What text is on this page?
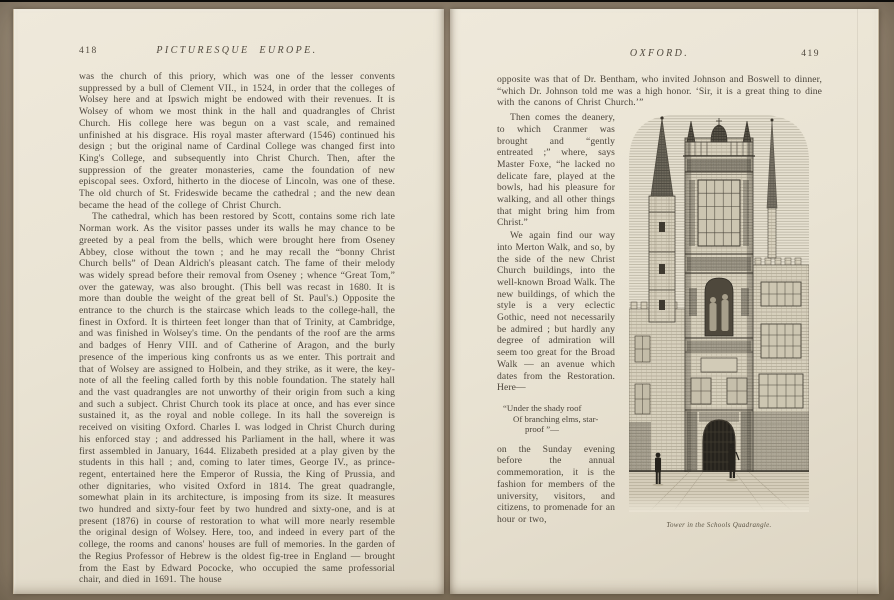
418	PICTURESQUE EUROPE.

was the church of this priory, which was one of the lesser convents suppressed by a bull of Clement VII., in 1524, in order that the colleges of Wolsey here and at Ipswich might be endowed with their revenues. It is Wolsey of whom we most think in the hall and quadrangles of Christ Church. His college here was begun on a vast scale, and remained unfinished at his disgrace. His royal master afterward (1546) continued his design ; but the original name of Cardinal College was changed first into King's College, and subsequently into Christ Church. Then, after the suppression of the greater monasteries, came the foundation of new episcopal sees. Oxford, hitherto in the diocese of Lincoln, was one of these. The old church of St. Frideswide became the cathedral ; and the new dean became the head of the college of Christ Church.

The cathedral, which has been restored by Scott, contains some rich late Norman work. As the visitor passes under its walls he may chance to be greeted by a peal from the bells, which were brought here from Oseney Abbey, close without the town ; and he may recall the “bonny Christ Church bells” of Dean Aldrich's pleasant catch. The fame of their melody was widely spread before their removal from Oseney ; whence “Great Tom,” over the gateway, was also brought. (This bell was recast in 1680. It is more than double the weight of the great bell of St. Paul's.) Opposite the entrance to the church is the staircase which leads to the college-hall, the finest in Oxford. It is thirteen feet longer than that of Trinity, at Cambridge, and was finished in Wolsey's time. On the pendants of the roof are the arms and badges of Henry VIII. and of Catherine of Aragon, and the burly presence of the imperious king confronts us as we enter. This portrait and that of Wolsey are assigned to Holbein, and they strike, as it were, the key-note of all the feeling called forth by this noble foundation. The stately hall and the vast quadrangles are not unworthy of their origin from such a king and such a subject. Christ Church took its place at once, and has ever since sustained it, as the royal and noble college. In its hall the sovereign is received on visiting Oxford. Charles I. was lodged in Christ Church during his enforced stay ; and addressed his Parliament in the hall, where it was first assembled in January, 1644. Elizabeth presided at a play given by the students in this hall ; and, coming to later times, George IV., as prince-regent, entertained here the Emperor of Russia, the King of Prussia, and other dignitaries, who visited Oxford in 1814. The great quadrangle, somewhat plain in its architecture, is imposing from its size. It measures two hundred and sixty-four feet by two hundred and sixty-one, and is at present (1876) in course of restoration to what will more nearly resemble the original design of Wolsey. Here, too, and indeed in every part of the college, the rooms and canons' houses are full of memories. In the garden of the Regius Professor of Hebrew is the oldest fig-tree in England — brought from the East by Edward Pococke, who occupied the same professorial chair, and died in 1691. The house

OXFORD.	419

opposite was that of Dr. Bentham, who invited Johnson and Boswell to dinner, “which Dr. Johnson told me was a high honor. ‘Sir, it is a great thing to dine with the canons of Christ Church.’”

Then comes the deanery, to which Cranmer was brought and “gently entreated ;” where, says Master Foxe, “he lacked no delicate fare, played at the bowls, had his pleasure for walking, and all other things that might bring him from Christ.”

We again find our way into Merton Walk, and so, by the side of the new Christ Church buildings, into the well-known Broad Walk. The new buildings, of which the style is a very eclectic Gothic, need not necessarily be admired ; but hardly any degree of admiration will seem too great for the Broad Walk — an avenue which dates from the Restoration. Here—

“Under the shady roof
Of branching elms, star-
proof ”—

on the Sunday evening before the annual commemoration, it is the fashion for members of the university, visitors, and citizens, to promenade for an hour or two,

Tower in the Schools Quadrangle.
